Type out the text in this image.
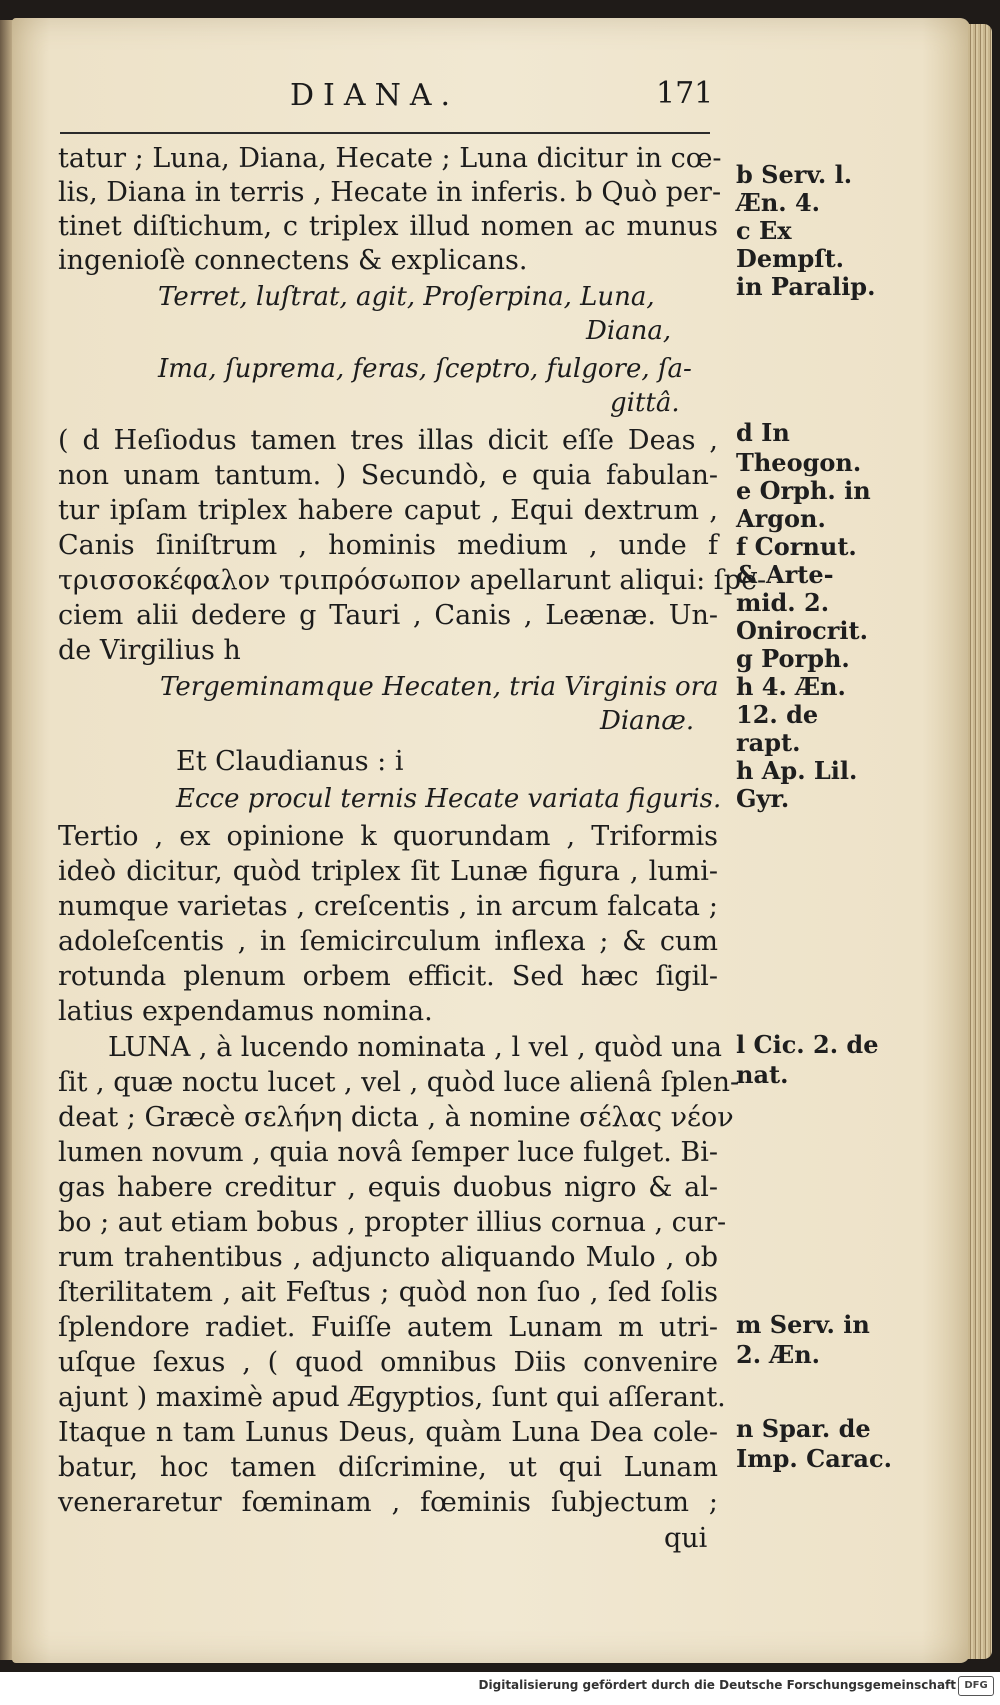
DIANA.	171
tatur ; Luna, Diana, Hecate ; Luna dicitur in cœ-
lis, Diana in terris , Hecate in inferis. b Quò per-
tinet diſtichum, c triplex illud nomen ac munus
ingenioſè connectens & explicans.
Terret, luſtrat, agit, Proſerpina, Luna,
Diana,
Ima, ſuprema, feras, ſceptro, fulgore, ſa-
gittâ.
( d Heſiodus tamen tres illas dicit eſſe Deas ,
non unam tantum. ) Secundò, e quia fabulan-
tur ipſam triplex habere caput , Equi dextrum ,
Canis ſiniſtrum , hominis medium , unde f
τρισσοκέφαλον τριπρόσωπον apellarunt aliqui: ſpe-
ciem alii dedere g Tauri , Canis , Leænæ. Un-
de Virgilius h
Tergeminamque Hecaten, tria Virginis ora
Dianæ.
Et Claudianus : i
Ecce procul ternis Hecate variata figuris.
Tertio , ex opinione k quorundam , Triformis
ideò dicitur, quòd triplex ſit Lunæ figura , lumi-
numque varietas , creſcentis , in arcum falcata ;
adoleſcentis , in ſemicirculum inflexa ; & cum
rotunda plenum orbem efficit. Sed hæc ſigil-
latius expendamus nomina.
LUNA , à lucendo nominata , l vel , quòd una
ſit , quæ noctu lucet , vel , quòd luce alienâ ſplen-
deat ; Græcè σελήνη dicta , à nomine σέλας νέον
lumen novum , quia novâ ſemper luce fulget. Bi-
gas habere creditur , equis duobus nigro & al-
bo ; aut etiam bobus , propter illius cornua , cur-
rum trahentibus , adjuncto aliquando Mulo , ob
ſterilitatem , ait Feſtus ; quòd non ſuo , ſed ſolis
ſplendore radiet. Fuiſſe autem Lunam m utri-
uſque ſexus , ( quod omnibus Diis convenire
ajunt ) maximè apud Ægyptios, ſunt qui aſſerant.
Itaque n tam Lunus Deus, quàm Luna Dea cole-
batur, hoc tamen diſcrimine, ut qui Lunam
veneraretur fœminam , fœminis ſubjectum ;
qui
b Serv. l.
Æn. 4.
c Ex
Dempſt.
in Paralip.
d In
Theogon.
e Orph. in
Argon.
f Cornut.
& Arte-
mid. 2.
Onirocrit.
g Porph.
h 4. Æn.
12. de
rapt.
h Ap. Lil.
Gyr.
l Cic. 2. de
nat.
m Serv. in
2. Æn.
n Spar. de
Imp. Carac.
Digitalisierung gefördert durch die Deutsche Forschungsgemeinschaft DFG
